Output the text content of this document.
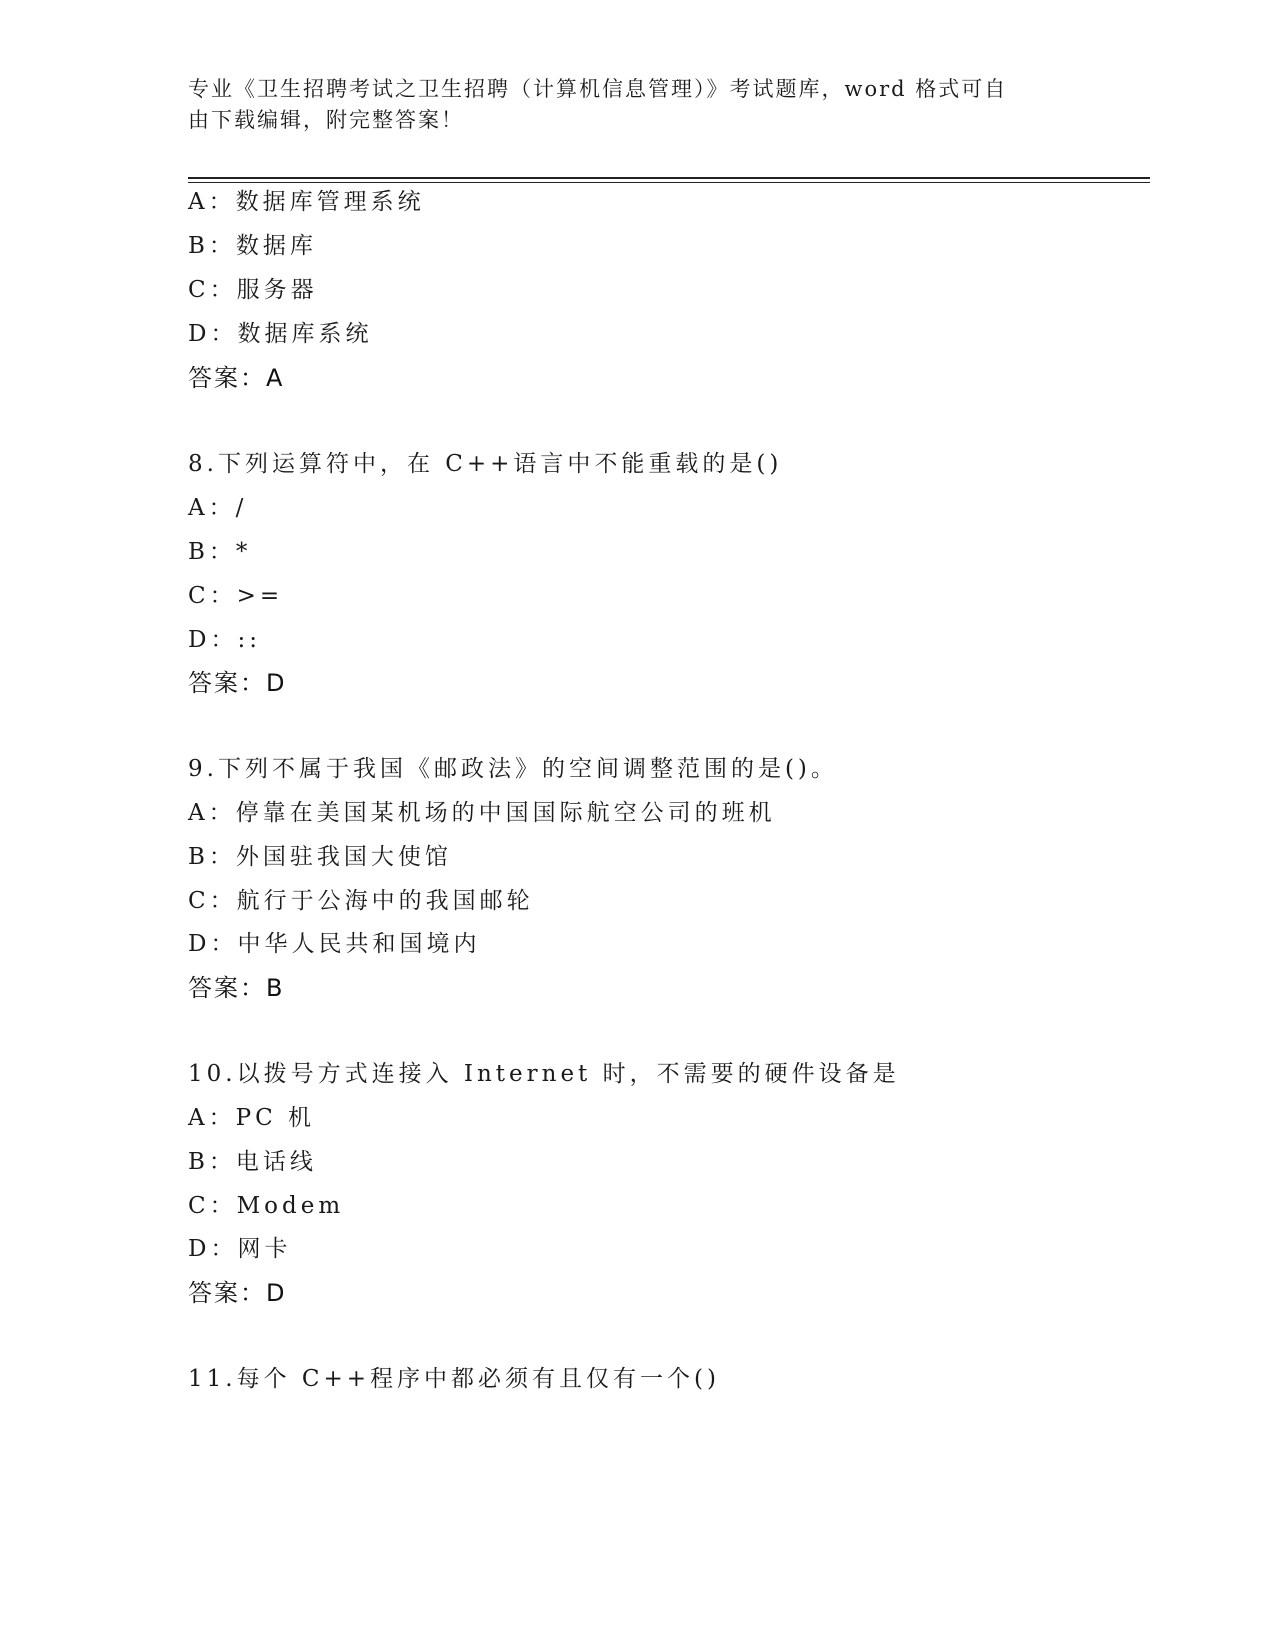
专业《卫生招聘考试之卫生招聘（计算机信息管理）》考试题库，word 格式可自
由下载编辑，附完整答案！
A：数据库管理系统
B：数据库
C：服务器
D：数据库系统
答案：A
8.下列运算符中，在 C++语言中不能重载的是()
A：/
B：*
C：>=
D：::
答案：D
9.下列不属于我国《邮政法》的空间调整范围的是()。
A：停靠在美国某机场的中国国际航空公司的班机
B：外国驻我国大使馆
C：航行于公海中的我国邮轮
D：中华人民共和国境内
答案：B
10.以拨号方式连接入 Internet 时，不需要的硬件设备是
A：PC 机
B：电话线
C：Modem
D：网卡
答案：D
11.每个 C++程序中都必须有且仅有一个()
